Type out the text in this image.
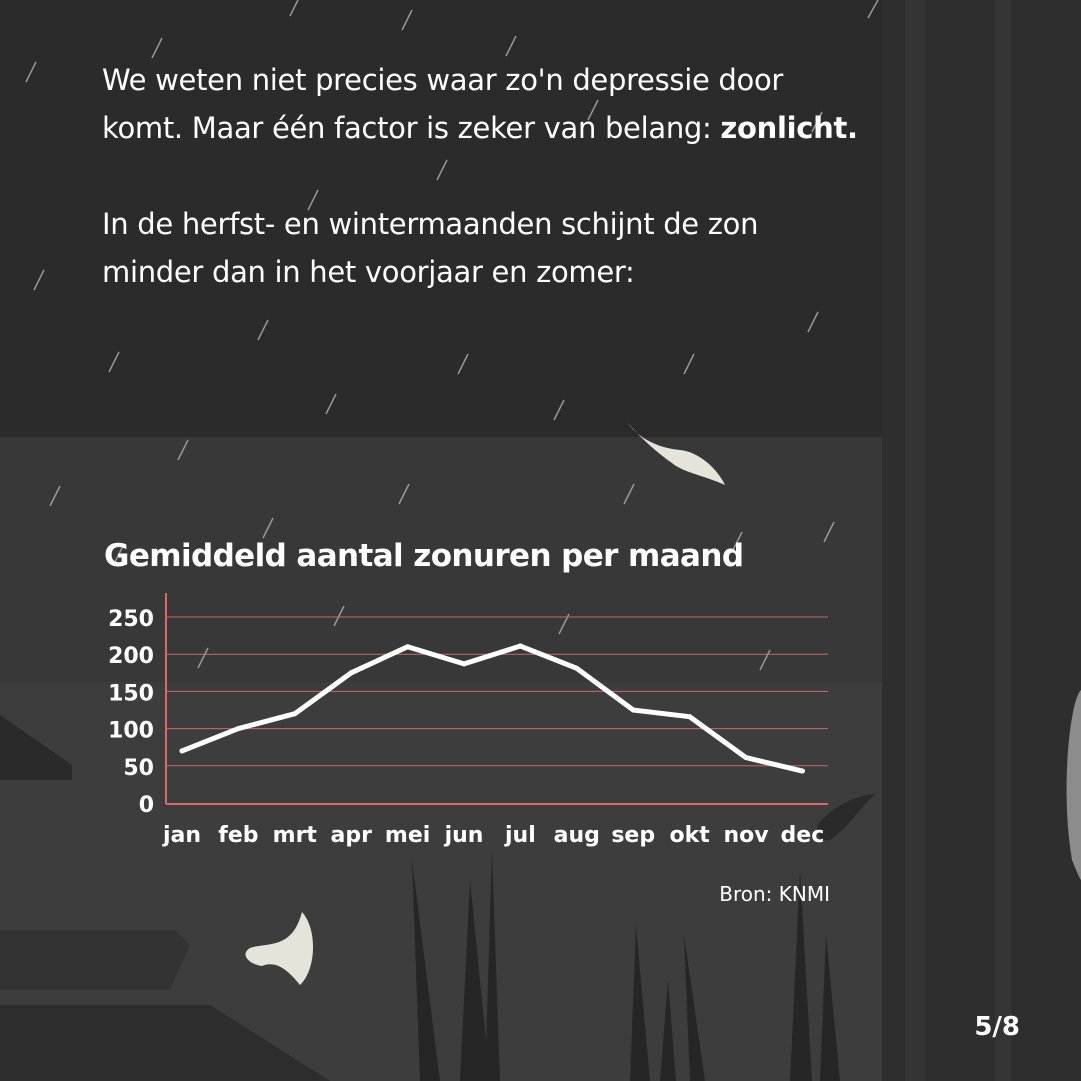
We weten niet precies waar zo'n depressie door komt. Maar één factor is zeker van belang: zonlicht.

In de herfst- en wintermaanden schijnt de zon minder dan in het voorjaar en zomer:

Gemiddeld aantal zonuren per maand
0
50
100
150
200
250
jan feb mrt apr mei jun jul aug sep okt nov dec
Bron: KNMI
5/8
